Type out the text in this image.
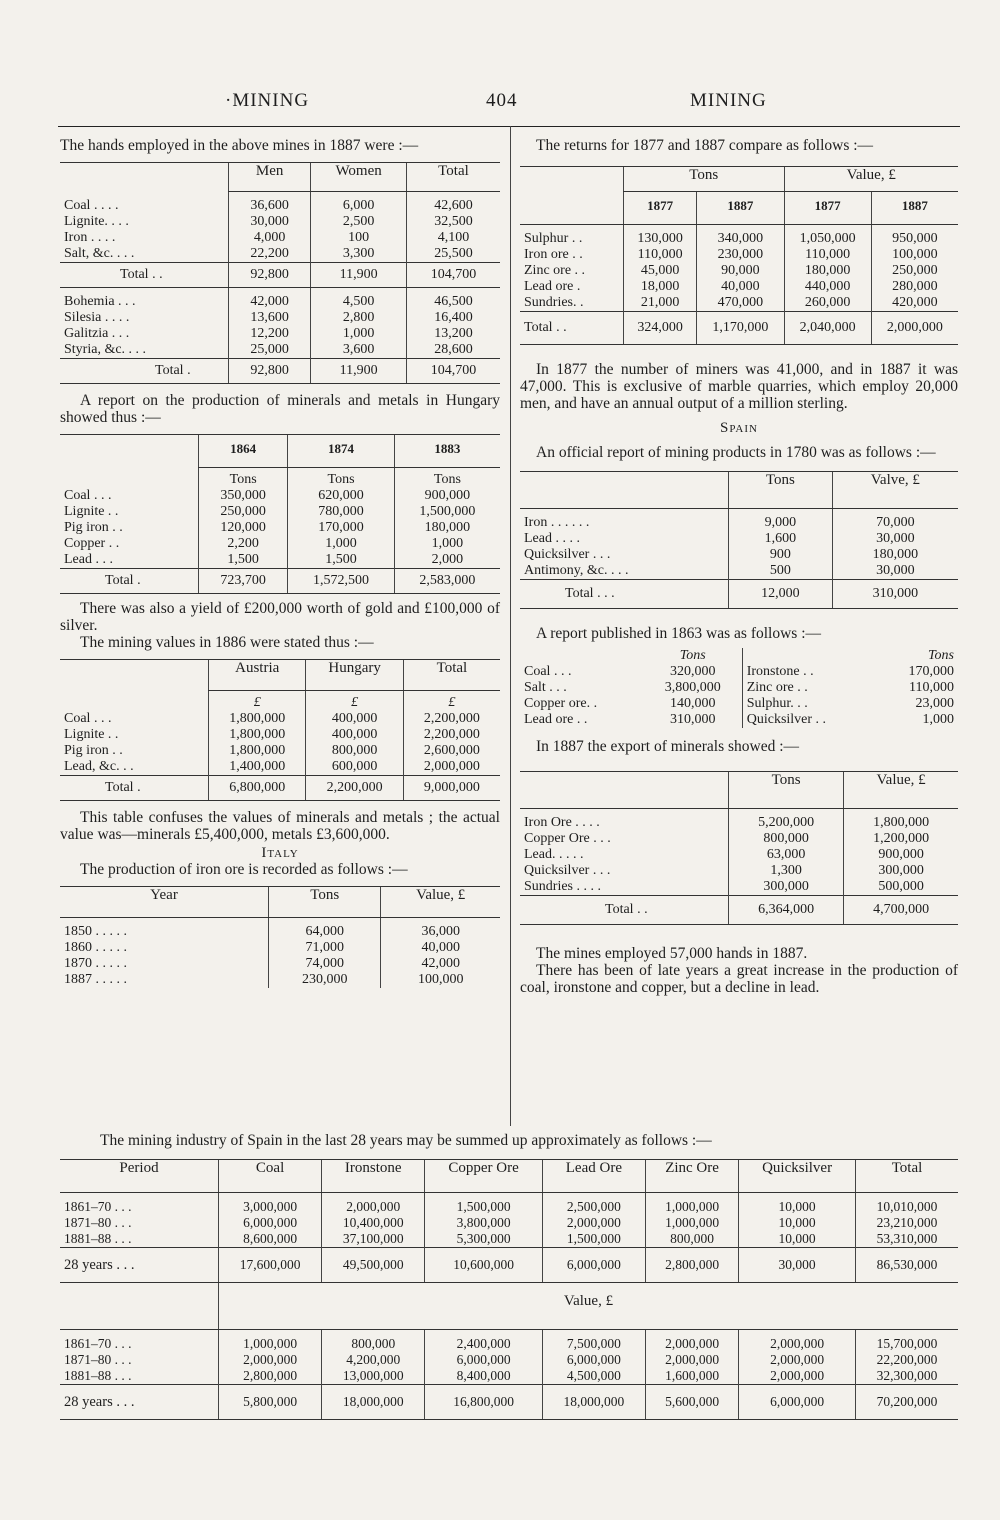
·MINING	404	MINING
The hands employed in the above mines in 1887 were :—
	Men	Women	Total

Coal . . . .	36,600	6,000	42,600
Lignite. . . .	30,000	2,500	32,500
Iron . . . .	4,000	100	4,100
Salt, &c. . . .	22,200	3,300	25,500
Total . .	92,800	11,900	104,700

Bohemia . . .	42,000	4,500	46,500
Silesia . . . .	13,600	2,800	16,400
Galitzia . . .	12,200	1,000	13,200
Styria, &c. . . .	25,000	3,600	28,600
Total .	92,800	11,900	104,700
A report on the production of minerals and metals in Hungary showed thus :—
	1864	1874	1883
	Tons	Tons	Tons
Coal . . .	350,000	620,000	900,000
Lignite . .	250,000	780,000	1,500,000
Pig iron . .	120,000	170,000	180,000
Copper . .	2,200	1,000	1,000
Lead . . .	1,500	1,500	2,000
Total .	723,700	1,572,500	2,583,000
There was also a yield of £200,000 worth of gold and £100,000 of silver.
The mining values in 1886 were stated thus :—
	Austria	Hungary	Total
	£	£	£
Coal . . .	1,800,000	400,000	2,200,000
Lignite . .	1,800,000	400,000	2,200,000
Pig iron . .	1,800,000	800,000	2,600,000
Lead, &c. . .	1,400,000	600,000	2,000,000
Total .	6,800,000	2,200,000	9,000,000
This table confuses the values of minerals and metals ; the actual value was—minerals £5,400,000, metals £3,600,000.
Italy
The production of iron ore is recorded as follows :—
Year	Tons	Value, £

1850 . . . . .	64,000	36,000
1860 . . . . .	71,000	40,000
1870 . . . . .	74,000	42,000
1887 . . . . .	230,000	100,000
The returns for 1877 and 1887 compare as follows :—
	Tons		Value, £	
	1877	1887	1877	1887

Sulphur . .	130,000	340,000	1,050,000	950,000
Iron ore . .	110,000	230,000	110,000	100,000
Zinc ore . .	45,000	90,000	180,000	250,000
Lead ore .	18,000	40,000	440,000	280,000
Sundries. .	21,000	470,000	260,000	420,000
Total . .	324,000	1,170,000	2,040,000	2,000,000
In 1877 the number of miners was 41,000, and in 1887 it was 47,000. This is exclusive of marble quarries, which employ 20,000 men, and have an annual output of a million sterling.
Spain
An official report of mining products in 1780 was as follows :—
	Tons	Valve, £

Iron . . . . . .	9,000	70,000
Lead . . . .	1,600	30,000
Quicksilver . . .	900	180,000
Antimony, &c. . . .	500	30,000
Total . . .	12,000	310,000
A report published in 1863 was as follows :—
	Tons		Tons
Coal . . .	320,000	Ironstone . .	170,000
Salt . . .	3,800,000	Zinc ore . .	110,000
Copper ore. .	140,000	Sulphur. . .	23,000
Lead ore . .	310,000	Quicksilver . .	1,000
In 1887 the export of minerals showed :—
	Tons	Value, £

Iron Ore . . . .	5,200,000	1,800,000
Copper Ore . . .	800,000	1,200,000
Lead. . . . .	63,000	900,000
Quicksilver . . .	1,300	300,000
Sundries . . . .	300,000	500,000
Total . .	6,364,000	4,700,000
The mines employed 57,000 hands in 1887.
There has been of late years a great increase in the production of coal, ironstone and copper, but a decline in lead.
The mining industry of Spain in the last 28 years may be summed up approximately as follows :—
Period	Coal	Ironstone	Copper Ore	Lead Ore	Zinc Ore	Quicksilver	Total

1861–70 . . .	3,000,000	2,000,000	1,500,000	2,500,000	1,000,000	10,000	10,010,000
1871–80 . . .	6,000,000	10,400,000	3,800,000	2,000,000	1,000,000	10,000	23,210,000
1881–88 . . .	8,600,000	37,100,000	5,300,000	1,500,000	800,000	10,000	53,310,000
28 years . . .	17,600,000	49,500,000	10,600,000	6,000,000	2,800,000	30,000	86,530,000
	Value, £						

1861–70 . . .	1,000,000	800,000	2,400,000	7,500,000	2,000,000	2,000,000	15,700,000
1871–80 . . .	2,000,000	4,200,000	6,000,000	6,000,000	2,000,000	2,000,000	22,200,000
1881–88 . . .	2,800,000	13,000,000	8,400,000	4,500,000	1,600,000	2,000,000	32,300,000
28 years . . .	5,800,000	18,000,000	16,800,000	18,000,000	5,600,000	6,000,000	70,200,000
